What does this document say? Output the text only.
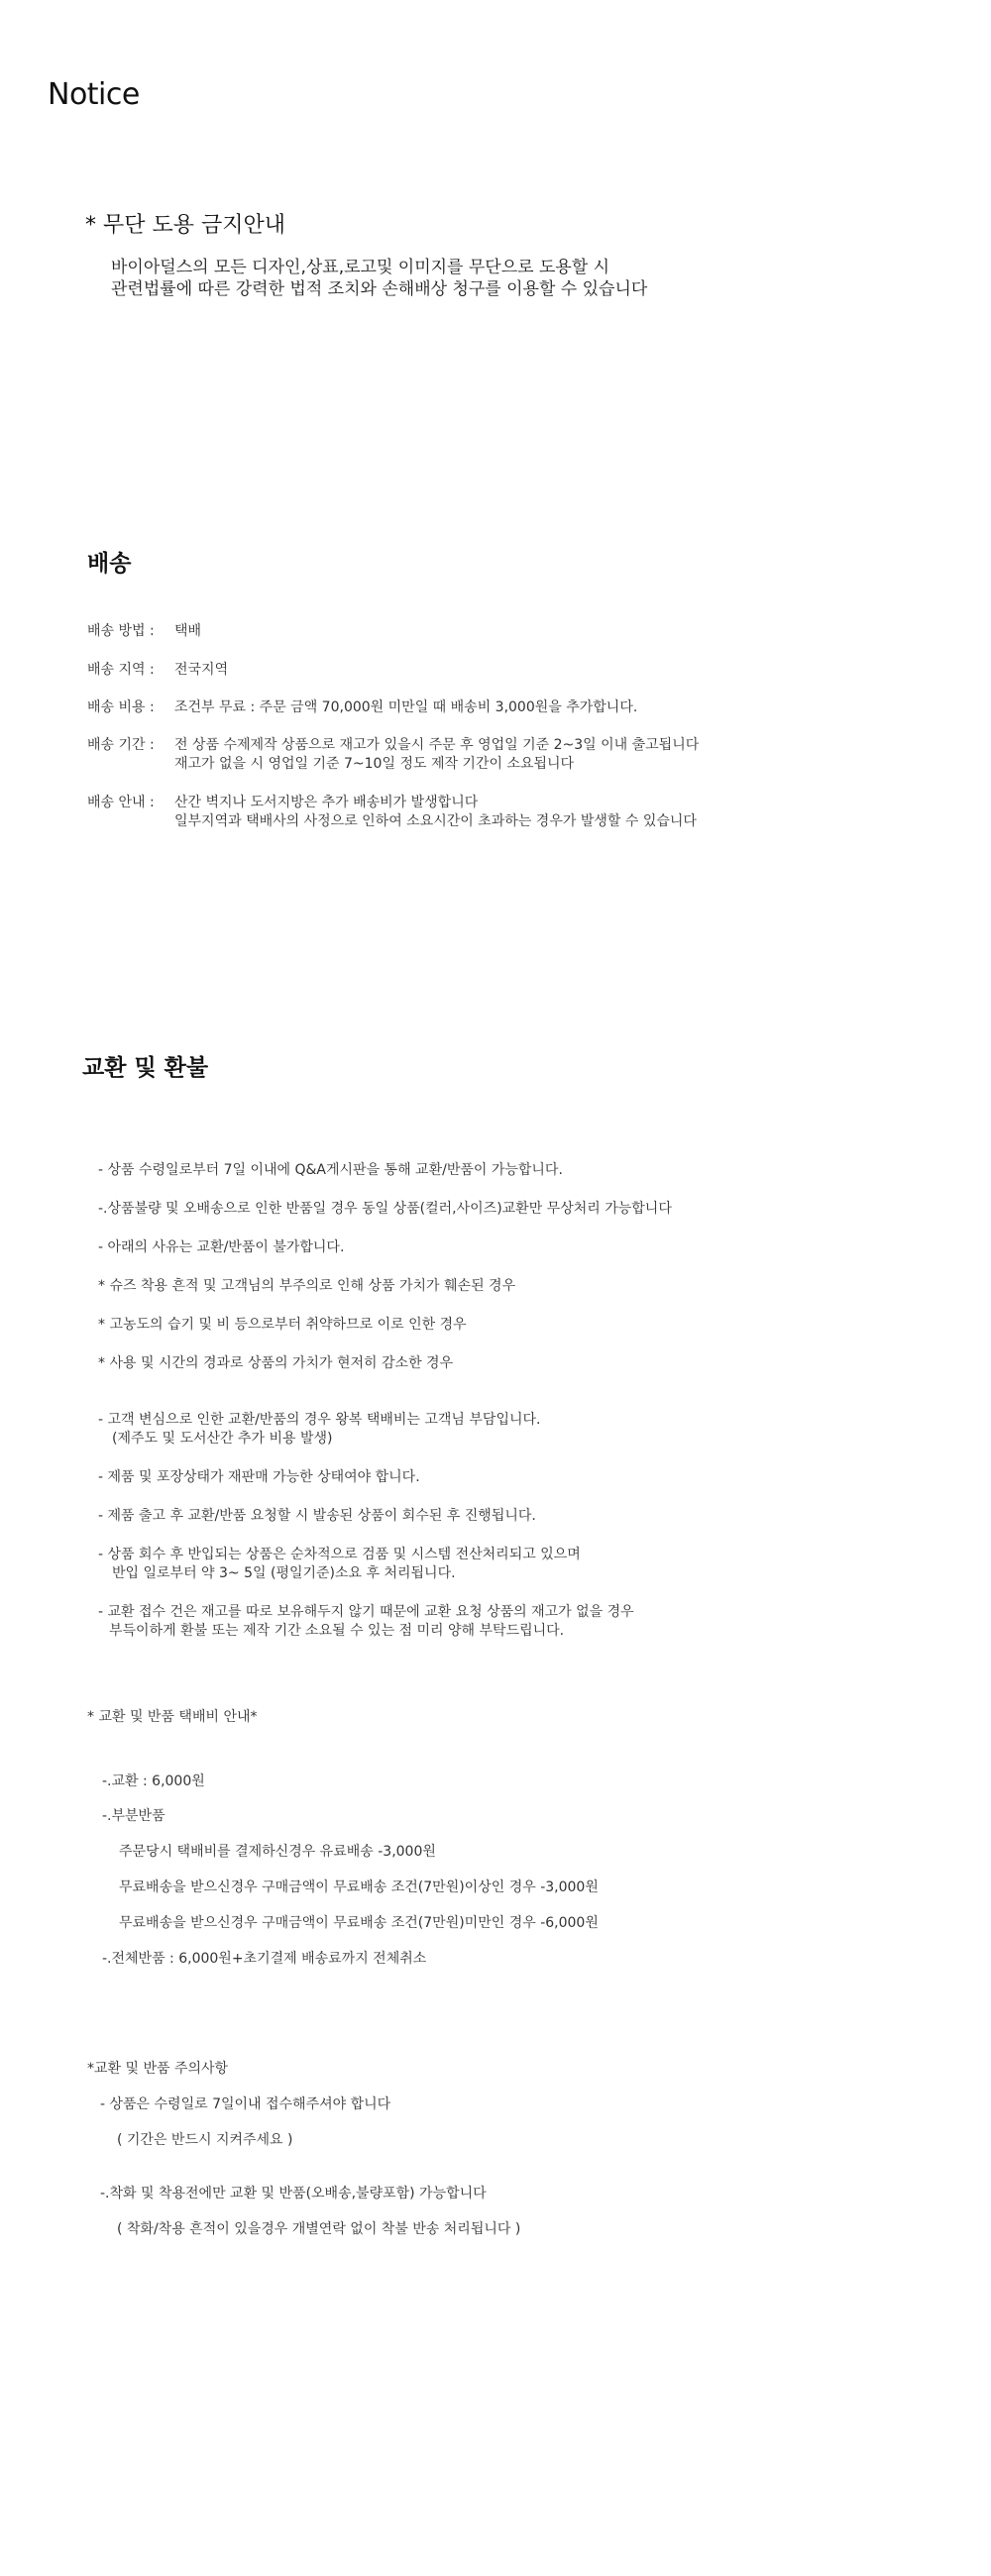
Notice
* 무단 도용 금지안내
바이아덜스의 모든 디자인,상표,로고및 이미지를 무단으로 도용할 시
관련법률에 따른 강력한 법적 조치와 손해배상 청구를 이용할 수 있습니다
배송
배송 방법 : 택배
배송 지역 : 전국지역
배송 비용 : 조건부 무료 : 주문 금액 70,000원 미만일 때 배송비 3,000원을 추가합니다.
배송 기간 : 전 상품 수제제작 상품으로 재고가 있을시 주문 후 영업일 기준 2~3일 이내 출고됩니다
재고가 없을 시 영업일 기준 7~10일 정도 제작 기간이 소요됩니다
배송 안내 : 산간 벽지나 도서지방은 추가 배송비가 발생합니다
일부지역과 택배사의 사정으로 인하여 소요시간이 초과하는 경우가 발생할 수 있습니다
교환 및 환불
- 상품 수령일로부터 7일 이내에 Q&A게시판을 통해 교환/반품이 가능합니다.
-.상품불량 및 오배송으로 인한 반품일 경우 동일 상품(컬러,사이즈)교환만 무상처리 가능합니다
- 아래의 사유는 교환/반품이 불가합니다.
* 슈즈 착용 흔적 및 고객님의 부주의로 인해 상품 가치가 훼손된 경우
* 고농도의 습기 및 비 등으로부터 취약하므로 이로 인한 경우
* 사용 및 시간의 경과로 상품의 가치가 현저히 감소한 경우
- 고객 변심으로 인한 교환/반품의 경우 왕복 택배비는 고객님 부담입니다.
(제주도 및 도서산간 추가 비용 발생)
- 제품 및 포장상태가 재판매 가능한 상태여야 합니다.
- 제품 출고 후 교환/반품 요청할 시 발송된 상품이 회수된 후 진행됩니다.
- 상품 회수 후 반입되는 상품은 순차적으로 검품 및 시스템 전산처리되고 있으며
반입 일로부터 약 3~ 5일 (평일기준)소요 후 처리됩니다.
- 교환 접수 건은 재고를 따로 보유해두지 않기 때문에 교환 요청 상품의 재고가 없을 경우
부득이하게 환불 또는 제작 기간 소요될 수 있는 점 미리 양해 부탁드립니다.
* 교환 및 반품 택배비 안내*
-.교환 : 6,000원
-.부분반품
주문당시 택배비를 결제하신경우 유료배송 -3,000원
무료배송을 받으신경우 구매금액이 무료배송 조건(7만원)이상인 경우 -3,000원
무료배송을 받으신경우 구매금액이 무료배송 조건(7만원)미만인 경우 -6,000원
-.전체반품 : 6,000원+초기결제 배송료까지 전체취소
*교환 및 반품 주의사항
- 상품은 수령일로 7일이내 접수해주셔야 합니다
( 기간은 반드시 지켜주세요 )
-.착화 및 착용전에만 교환 및 반품(오배송,불량포함) 가능합니다
( 착화/착용 흔적이 있을경우 개별연락 없이 착불 반송 처리됩니다 )
